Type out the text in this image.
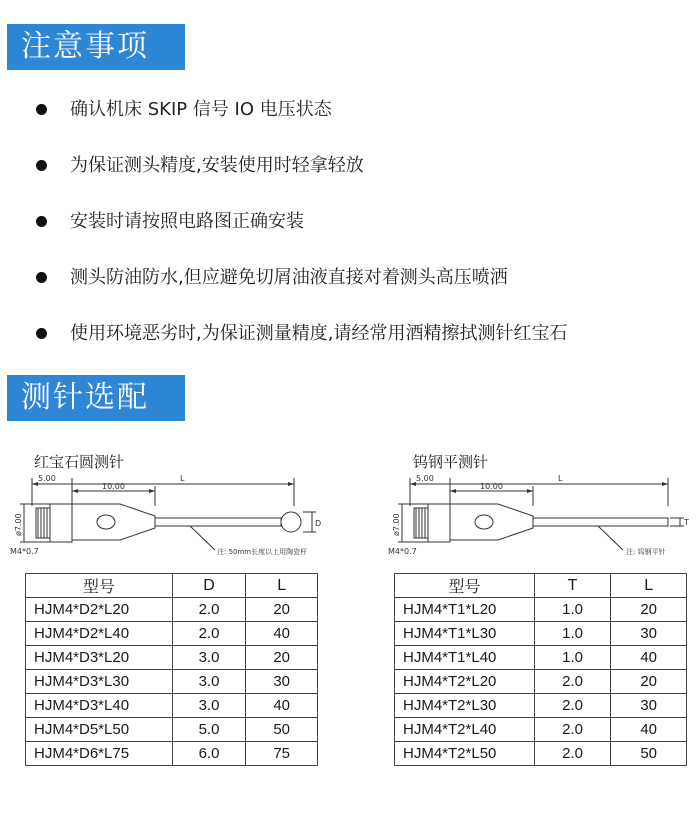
注意事项
确认机床 SKIP 信号 IO 电压状态
为保证测头精度,安装使用时轻拿轻放
安装时请按照电路图正确安装
测头防油防水,但应避免切屑油液直接对着测头高压喷洒
使用环境恶劣时,为保证测量精度,请经常用酒精擦拭测针红宝石
测针选配
红宝石圆测针
5.00
10.00
L
ø7.00	D
M4*0.7	注: 50mm长度以上用陶瓷杆
钨钢平测针
5.00
10.00
L
ø7.00	T
M4*0.7	注: 钨钢平针
型号	D	L
HJM4*D2*L20	2.0	20
HJM4*D2*L40	2.0	40
HJM4*D3*L20	3.0	20
HJM4*D3*L30	3.0	30
HJM4*D3*L40	3.0	40
HJM4*D5*L50	5.0	50
HJM4*D6*L75	6.0	75
型号	T	L
HJM4*T1*L20	1.0	20
HJM4*T1*L30	1.0	30
HJM4*T1*L40	1.0	40
HJM4*T2*L20	2.0	20
HJM4*T2*L30	2.0	30
HJM4*T2*L40	2.0	40
HJM4*T2*L50	2.0	50
